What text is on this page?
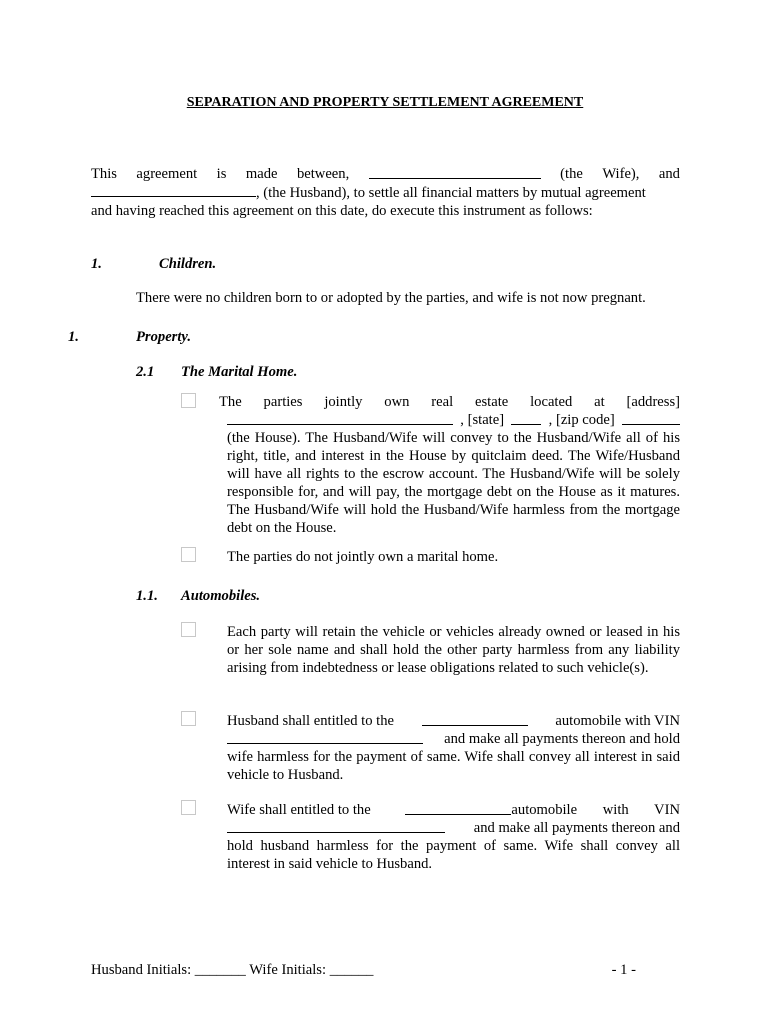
SEPARATION AND PROPERTY SETTLEMENT AGREEMENT
This agreement is made between,	(the Wife), and
, (the Husband), to settle all financial matters by mutual agreement
and having reached this agreement on this date, do execute this instrument as follows:
1.	Children.
There were no children born to or adopted by the parties, and wife is not now pregnant.
1.	Property.
2.1 The Marital Home.
The parties jointly own real estate located at [address]
, [state]	, [zip code]
(the House). The Husband/Wife will convey to the Husband/Wife all of his right, title, and interest in the House by quitclaim deed. The Wife/Husband will have all rights to the escrow account. The Husband/Wife will be solely responsible for, and will pay, the mortgage debt on the House as it matures. The Husband/Wife will hold the Husband/Wife harmless from the mortgage debt on the House.
The parties do not jointly own a marital home.
1.1. Automobiles.
Each party will retain the vehicle or vehicles already owned or leased in his or her sole name and shall hold the other party harmless from any liability arising from indebtedness or lease obligations related to such vehicle(s).
Husband shall entitled to the	automobile with VIN
and make all payments thereon and hold
wife harmless for the payment of same. Wife shall convey all interest in said vehicle to Husband.
Wife shall entitled to the	automobile with VIN
and make all payments thereon and
hold husband harmless for the payment of same. Wife shall convey all interest in said vehicle to Husband.
Husband Initials: _______ Wife Initials: ______	- 1 -
